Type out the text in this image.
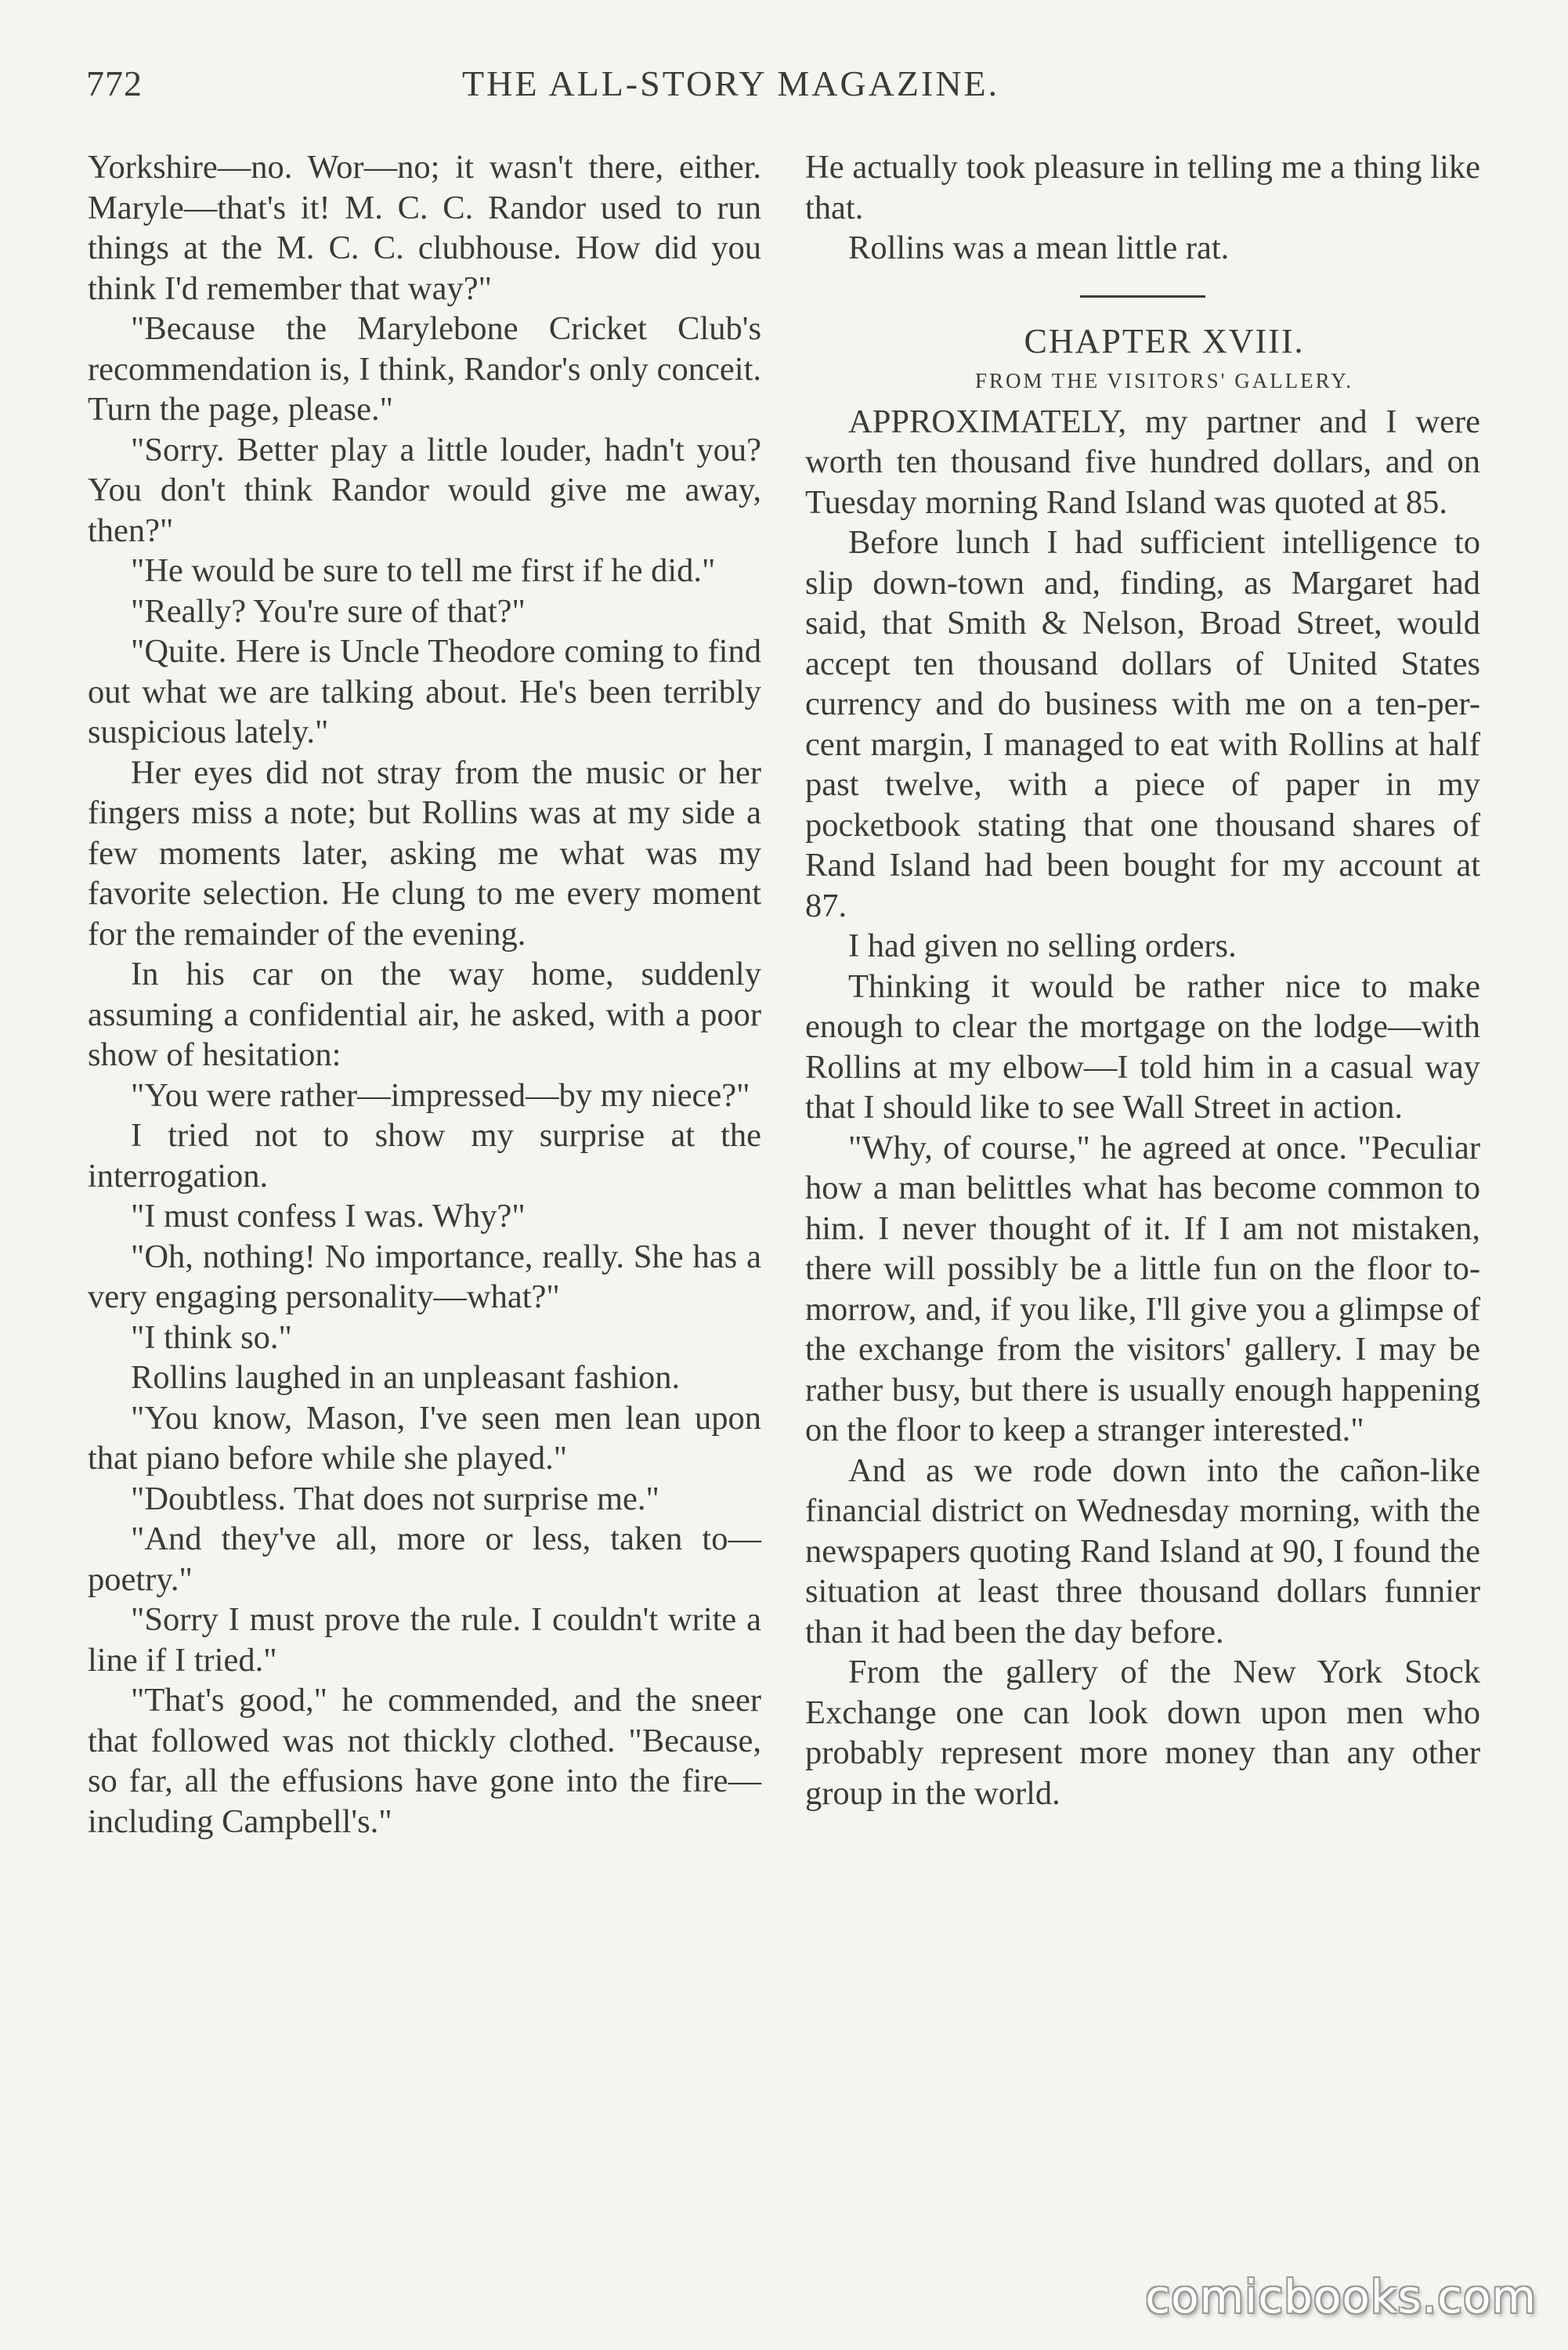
772	THE ALL-STORY MAGAZINE.

Yorkshire—no. Wor—no; it wasn't there, either. Maryle—that's it! M. C. C. Randor used to run things at the M. C. C. clubhouse. How did you think I'd remember that way?"

"Because the Marylebone Cricket Club's recommendation is, I think, Randor's only conceit. Turn the page, please."

"Sorry. Better play a little louder, hadn't you? You don't think Randor would give me away, then?"

"He would be sure to tell me first if he did."

"Really? You're sure of that?"

"Quite. Here is Uncle Theodore coming to find out what we are talking about. He's been terribly suspicious lately."

Her eyes did not stray from the music or her fingers miss a note; but Rollins was at my side a few moments later, asking me what was my favorite selection. He clung to me every moment for the remainder of the evening.

In his car on the way home, suddenly assuming a confidential air, he asked, with a poor show of hesitation:

"You were rather—impressed—by my niece?"

I tried not to show my surprise at the interrogation.

"I must confess I was. Why?"

"Oh, nothing! No importance, really. She has a very engaging personality—what?"

"I think so."

Rollins laughed in an unpleasant fashion.

"You know, Mason, I've seen men lean upon that piano before while she played."

"Doubtless. That does not surprise me."

"And they've all, more or less, taken to—poetry."

"Sorry I must prove the rule. I couldn't write a line if I tried."

"That's good," he commended, and the sneer that followed was not thickly clothed. "Because, so far, all the effusions have gone into the fire—including Campbell's."

He actually took pleasure in telling me a thing like that.

Rollins was a mean little rat.

CHAPTER XVIII.

FROM THE VISITORS' GALLERY.

APPROXIMATELY, my partner and I were worth ten thousand five hundred dollars, and on Tuesday morning Rand Island was quoted at 85.

Before lunch I had sufficient intelligence to slip down-town and, finding, as Margaret had said, that Smith & Nelson, Broad Street, would accept ten thousand dollars of United States currency and do business with me on a ten-per-cent margin, I managed to eat with Rollins at half past twelve, with a piece of paper in my pocketbook stating that one thousand shares of Rand Island had been bought for my account at 87.

I had given no selling orders.

Thinking it would be rather nice to make enough to clear the mortgage on the lodge—with Rollins at my elbow—I told him in a casual way that I should like to see Wall Street in action.

"Why, of course," he agreed at once. "Peculiar how a man belittles what has become common to him. I never thought of it. If I am not mistaken, there will possibly be a little fun on the floor to-morrow, and, if you like, I'll give you a glimpse of the exchange from the visitors' gallery. I may be rather busy, but there is usually enough happening on the floor to keep a stranger interested."

And as we rode down into the cañon-like financial district on Wednesday morning, with the newspapers quoting Rand Island at 90, I found the situation at least three thousand dollars funnier than it had been the day before.

From the gallery of the New York Stock Exchange one can look down upon men who probably represent more money than any other group in the world.

comicbooks.com
